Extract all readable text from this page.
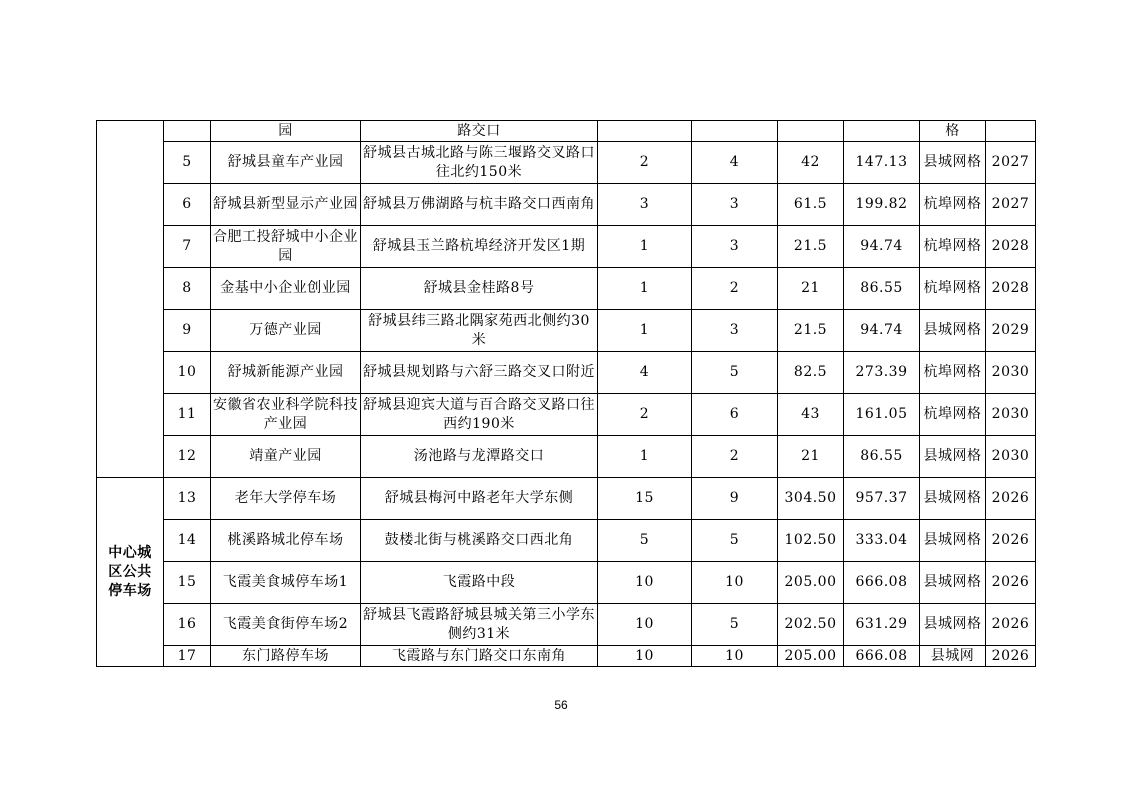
		园	路交口					格	
	5	舒城县童车产业园	舒城县古城北路与陈三堰路交叉路口往北约150米	2	4	42	147.13	县城网格	2027
	6	舒城县新型显示产业园	舒城县万佛湖路与杭丰路交口西南角	3	3	61.5	199.82	杭埠网格	2027
	7	合肥工投舒城中小企业园	舒城县玉兰路杭埠经济开发区1期	1	3	21.5	94.74	杭埠网格	2028
	8	金基中小企业创业园	舒城县金桂路8号	1	2	21	86.55	杭埠网格	2028
	9	万德产业园	舒城县纬三路北隅家苑西北侧约30米	1	3	21.5	94.74	县城网格	2029
	10	舒城新能源产业园	舒城县规划路与六舒三路交叉口附近	4	5	82.5	273.39	杭埠网格	2030
	11	安徽省农业科学院科技产业园	舒城县迎宾大道与百合路交叉路口往西约190米	2	6	43	161.05	杭埠网格	2030
	12	靖童产业园	汤池路与龙潭路交口	1	2	21	86.55	县城网格	2030
中心城区公共停车场	13	老年大学停车场	舒城县梅河中路老年大学东侧	15	9	304.50	957.37	县城网格	2026
	14	桃溪路城北停车场	鼓楼北街与桃溪路交口西北角	5	5	102.50	333.04	县城网格	2026
	15	飞霞美食城停车场1	飞霞路中段	10	10	205.00	666.08	县城网格	2026
	16	飞霞美食街停车场2	舒城县飞霞路舒城县城关第三小学东侧约31米	10	5	202.50	631.29	县城网格	2026
	17	东门路停车场	飞霞路与东门路交口东南角	10	10	205.00	666.08	县城网	2026
56
